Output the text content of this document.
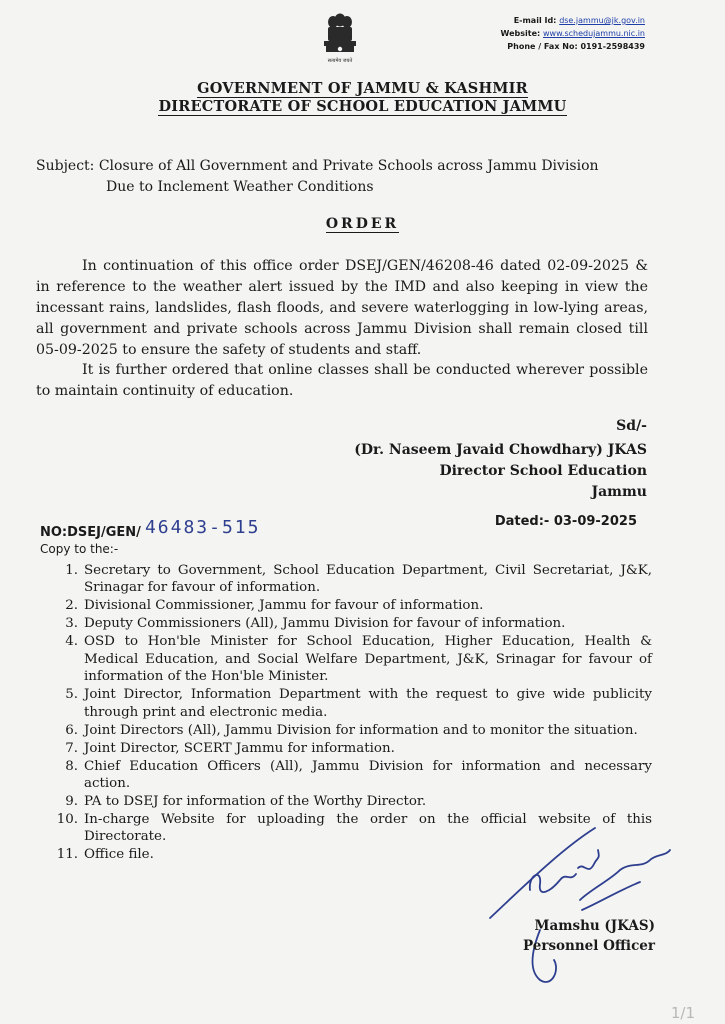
सत्यमेव जयते
E-mail Id: dse.jammu@jk.gov.in
Website: www.schedujammu.nic.in
Phone / Fax No: 0191-2598439
GOVERNMENT OF JAMMU & KASHMIR
DIRECTORATE OF SCHOOL EDUCATION JAMMU
Subject: Closure of All Government and Private Schools across Jammu Division
Due to Inclement Weather Conditions
ORDER
In continuation of this office order DSEJ/GEN/46208-46 dated 02-09-2025 & in reference to the weather alert issued by the IMD and also keeping in view the incessant rains, landslides, flash floods, and severe waterlogging in low-lying areas, all government and private schools across Jammu Division shall remain closed till 05-09-2025 to ensure the safety of students and staff.
It is further ordered that online classes shall be conducted wherever possible to maintain continuity of education.
Sd/-
(Dr. Naseem Javaid Chowdhary) JKAS
Director School Education
Jammu
NO:DSEJ/GEN/ 46483-515	Dated:- 03-09-2025
Copy to the:-
1. Secretary to Government, School Education Department, Civil Secretariat, J&K, Srinagar for favour of information.
2. Divisional Commissioner, Jammu for favour of information.
3. Deputy Commissioners (All), Jammu Division for favour of information.
4. OSD to Hon'ble Minister for School Education, Higher Education, Health & Medical Education, and Social Welfare Department, J&K, Srinagar for favour of information of the Hon'ble Minister.
5. Joint Director, Information Department with the request to give wide publicity through print and electronic media.
6. Joint Directors (All), Jammu Division for information and to monitor the situation.
7. Joint Director, SCERT Jammu for information.
8. Chief Education Officers (All), Jammu Division for information and necessary action.
9. PA to DSEJ for information of the Worthy Director.
10. In-charge Website for uploading the order on the official website of this Directorate.
11. Office file.
Mamshu (JKAS)
Personnel Officer
1/1
